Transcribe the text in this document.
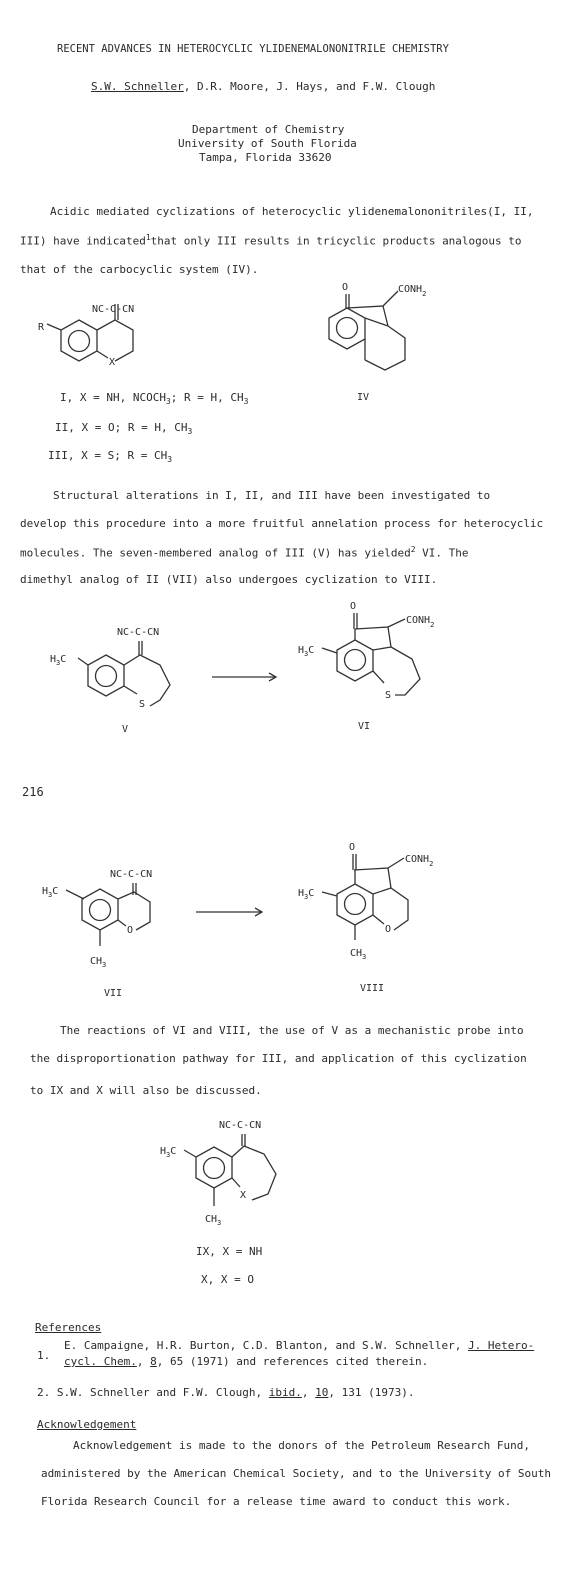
RECENT ADVANCES IN HETEROCYCLIC YLIDENEMALONONITRILE CHEMISTRY
S.W. Schneller, D.R. Moore, J. Hays, and F.W. Clough
Department of Chemistry
University of South Florida
Tampa, Florida 33620
Acidic mediated cyclizations of heterocyclic ylidenemalononitriles(I, II,
III) have indicated$^1$that only III results in tricyclic products analogous to
that of the carbocyclic system (IV).
NC-C-CN
R
X
I, X = NH, $NCOCH_3$; R = H, $CH_3$
II, X = O; R = H, $CH_3$
III, X = S; $R = CH_3$
O	$CONH_2$
IV
Structural alterations in I, II, and III have been investigated to
develop this procedure into a more fruitful annelation process for heterocyclic
molecules. The seven-membered analog of III (V) has yielded$^2$ VI. The
dimethyl analog of II (VII) also undergoes cyclization to VIII.
NC-C-CN
$H_3C$
S
V
O
$CONH_2$
S
$H_3C$
VI
216
NC-C-CN
$H_3C$
O
$CH_3$
VII
O
$CONH_2$
O
$H_3C$
$CH_3$
VIII
The reactions of VI and VIII, the use of V as a mechanistic probe into
the disproportionation pathway for III, and application of this cyclization
to IX and X will also be discussed.
NC-C-CN
$H_3C$
X
$CH_3$
IX, X = NH
X, X = O
References
1.
E. Campaigne, H.R. Burton, C.D. Blanton, and S.W. Schneller, J. Hetero-
cycl. Chem., 8, 65 (1971) and references cited therein.
2. S.W. Schneller and F.W. Clough, ibid., 10, 131 (1973).
Acknowledgement
Acknowledgement is made to the donors of the Petroleum Research Fund,
administered by the American Chemical Society, and to the University of South
Florida Research Council for a release time award to conduct this work.
